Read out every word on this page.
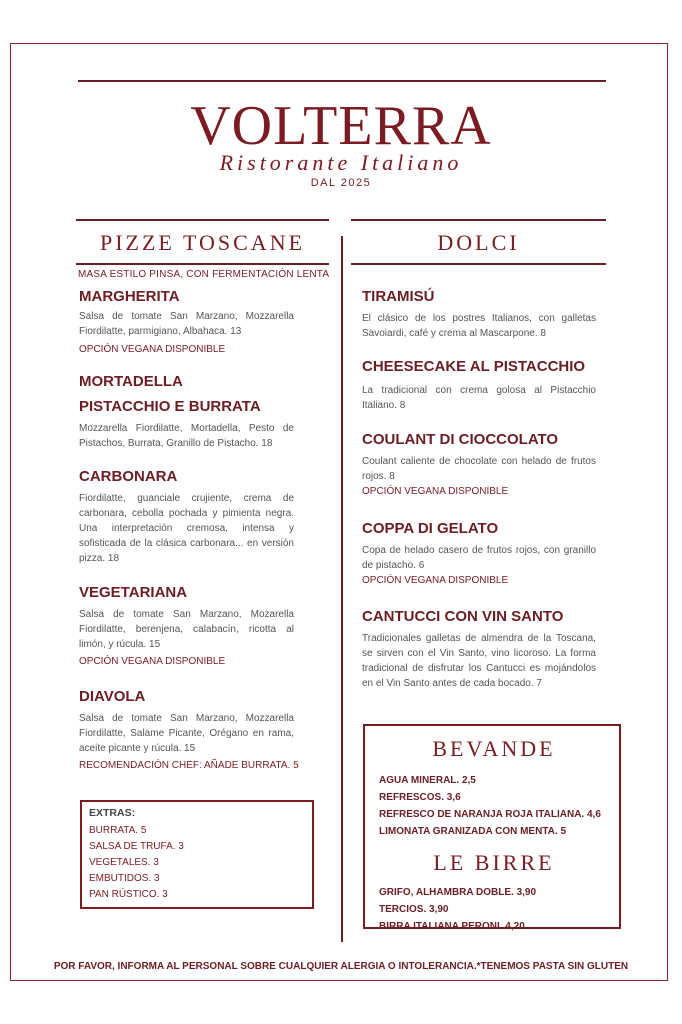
VOLTERRA
Ristorante Italiano
DAL 2025
PIZZE TOSCANE
MASA ESTILO PINSA, CON FERMENTACIÓN LENTA
MARGHERITA
Salsa de tomate San Marzano, Mozzarella Fiordilatte, parmigiano, Albahaca. 13
OPCIÓN VEGANA DISPONIBLE
MORTADELLA
PISTACCHIO E BURRATA
Mozzarella Fiordilatte, Mortadella, Pesto de Pistachos, Burrata, Granillo de Pistacho. 18
CARBONARA
Fiordilatte, guanciale crujiente, crema de carbonara, cebolla pochada y pimienta negra. Una interpretación cremosa, intensa y sofisticada de la clásica carbonara... en versión pizza. 18
VEGETARIANA
Salsa de tomate San Marzano, Mozarella Fiordilatte, berenjena, calabacín, ricotta al limón, y rúcula. 15
OPCIÓN VEGANA DISPONIBLE
DIAVOLA
Salsa de tomate San Marzano, Mozzarella Fiordilatte, Salame Picante, Orégano en rama, aceite picante y rúcula. 15
RECOMENDACIÓN CHEF: AÑADE BURRATA. 5
EXTRAS:
BURRATA. 5
SALSA DE TRUFA. 3
VEGETALES. 3
EMBUTIDOS. 3
PAN RÚSTICO. 3
DOLCI
TIRAMISÚ
El clásico de los postres Italianos, con galletas Savoiardi, café y crema al Mascarpone. 8
CHEESECAKE AL PISTACCHIO
La tradicional con crema golosa al Pistacchio Italiano. 8
COULANT DI CIOCCOLATO
Coulant caliente de chocolate con helado de frutos rojos. 8
OPCIÓN VEGANA DISPONIBLE
COPPA DI GELATO
Copa de helado casero de frutos rojos, con granillo de pistacho. 6
OPCIÓN VEGANA DISPONIBLE
CANTUCCI CON VIN SANTO
Tradicionales galletas de almendra de la Toscana, se sirven con el Vin Santo, vino licoroso. La forma tradicional de disfrutar los Cantucci es mojándolos en el Vin Santo antes de cada bocado. 7
BEVANDE
AGUA MINERAL. 2,5
REFRESCOS. 3,6
REFRESCO DE NARANJA ROJA ITALIANA. 4,6
LIMONATA GRANIZADA CON MENTA. 5
LE BIRRE
GRIFO, ALHAMBRA DOBLE. 3,90
TERCIOS. 3,90
BIRRA ITALIANA PERONI. 4,20
POR FAVOR, INFORMA AL PERSONAL SOBRE CUALQUIER ALERGIA O INTOLERANCIA.*TENEMOS PASTA SIN GLUTEN
